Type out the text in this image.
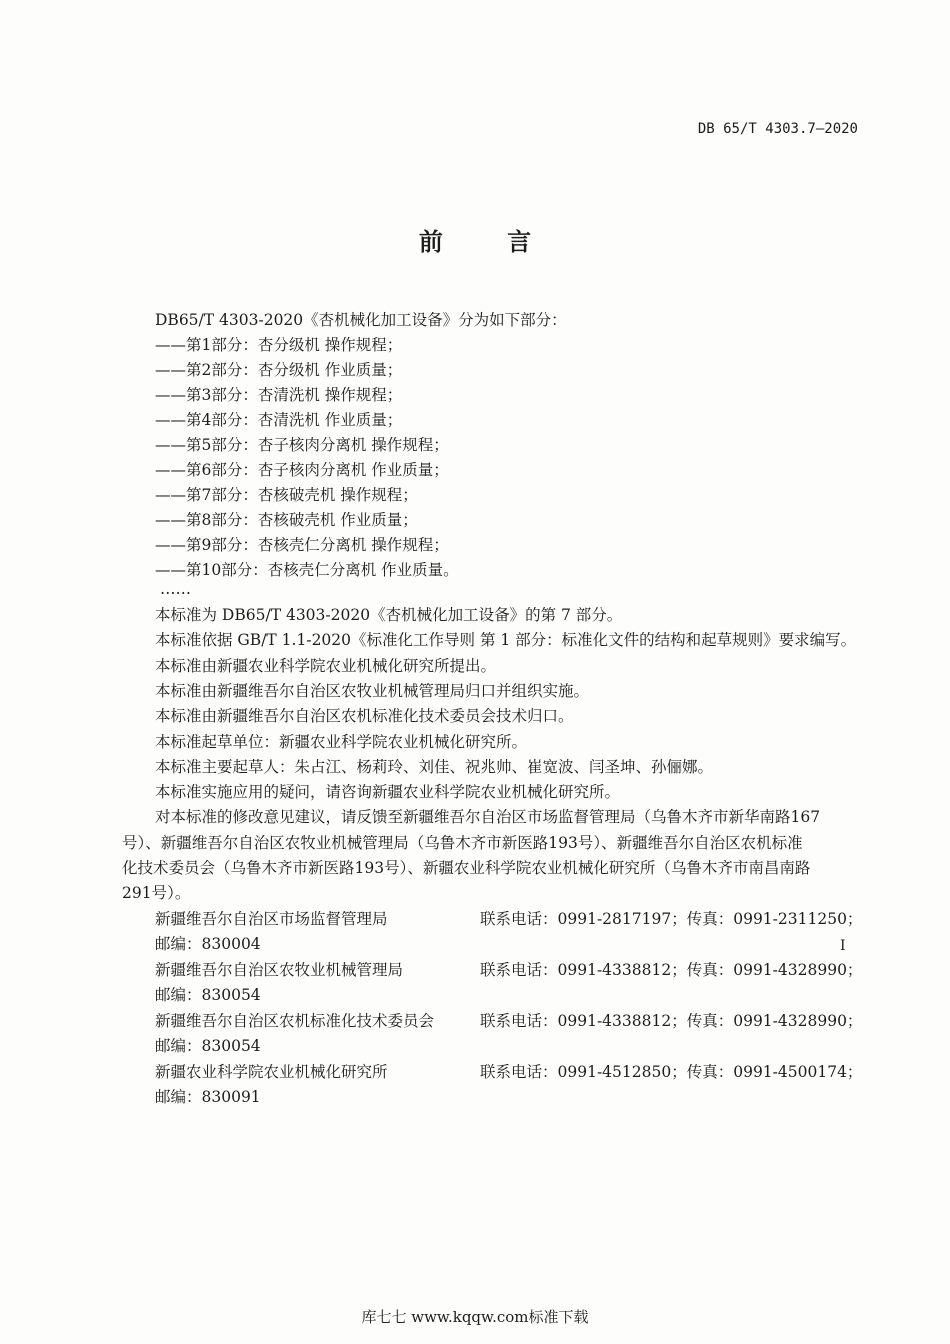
DB 65/T 4303.7—2020
前 言
DB65/T 4303-2020《杏机械化加工设备》分为如下部分：
——第1部分：杏分级机 操作规程；
——第2部分：杏分级机 作业质量；
——第3部分：杏清洗机 操作规程；
——第4部分：杏清洗机 作业质量；
——第5部分：杏子核肉分离机 操作规程；
——第6部分：杏子核肉分离机 作业质量；
——第7部分：杏核破壳机 操作规程；
——第8部分：杏核破壳机 作业质量；
——第9部分：杏核壳仁分离机 操作规程；
——第10部分：杏核壳仁分离机 作业质量。
……
本标准为 DB65/T 4303-2020《杏机械化加工设备》的第 7 部分。
本标准依据 GB/T 1.1-2020《标准化工作导则 第 1 部分：标准化文件的结构和起草规则》要求编写。
本标准由新疆农业科学院农业机械化研究所提出。
本标准由新疆维吾尔自治区农牧业机械管理局归口并组织实施。
本标准由新疆维吾尔自治区农机标准化技术委员会技术归口。
本标准起草单位：新疆农业科学院农业机械化研究所。
本标准主要起草人：朱占江、杨莉玲、刘佳、祝兆帅、崔宽波、闫圣坤、孙俪娜。
本标准实施应用的疑问，请咨询新疆农业科学院农业机械化研究所。
对本标准的修改意见建议，请反馈至新疆维吾尔自治区市场监督管理局（乌鲁木齐市新华南路167
号）、新疆维吾尔自治区农牧业机械管理局（乌鲁木齐市新医路193号）、新疆维吾尔自治区农机标准
化技术委员会（乌鲁木齐市新医路193号）、新疆农业科学院农业机械化研究所（乌鲁木齐市南昌南路
291号）。
新疆维吾尔自治区市场监督管理局	联系电话：0991-2817197；传真：0991-2311250；
邮编：830004
新疆维吾尔自治区农牧业机械管理局	联系电话：0991-4338812；传真：0991-4328990；
邮编：830054
新疆维吾尔自治区农机标准化技术委员会	联系电话：0991-4338812；传真：0991-4328990；
邮编：830054
新疆农业科学院农业机械化研究所	联系电话：0991-4512850；传真：0991-4500174；
邮编：830091
I
库七七 www.kqqw.com标准下载
